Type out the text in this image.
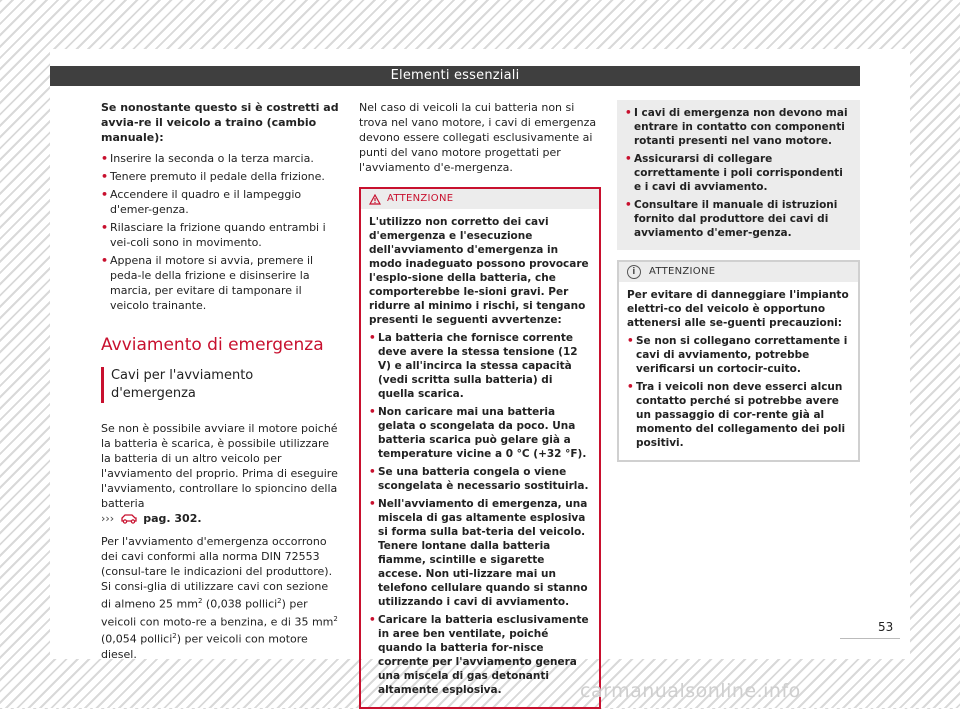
Elementi essenziali

Se nonostante questo si è costretti ad avvia-re il veicolo a traino (cambio manuale):

• Inserire la seconda o la terza marcia.
• Tenere premuto il pedale della frizione.
• Accendere il quadro e il lampeggio d'emer-genza.
• Rilasciare la frizione quando entrambi i vei-coli sono in movimento.
• Appena il motore si avvia, premere il peda-le della frizione e disinserire la marcia, per evitare di tamponare il veicolo trainante.
Avviamento di emergenza
Cavi per l'avviamento d'emergenza

Se non è possibile avviare il motore poiché la batteria è scarica, è possibile utilizzare la batteria di un altro veicolo per l'avviamento del proprio. Prima di eseguire l'avviamento, controllare lo spioncino della batteria
›››	pag. 302.

Per l'avviamento d'emergenza occorrono dei cavi conformi alla norma DIN 72553 (consul-tare le indicazioni del produttore). Si consi-glia di utilizzare cavi con sezione di almeno 25 $mm^2$ (0,038 pollici$^2$) per veicoli con moto-re a benzina, e di 35 $mm^2$ (0,054 pollici$^2$) per veicoli con motore diesel.

Nel caso di veicoli la cui batteria non si trova nel vano motore, i cavi di emergenza devono essere collegati esclusivamente ai punti del vano motore progettati per l'avviamento d'e-mergenza.

ATTENZIONE

L'utilizzo non corretto dei cavi d'emergenza e l'esecuzione dell'avviamento d'emergenza in modo inadeguato possono provocare l'esplo-sione della batteria, che comporterebbe le-sioni gravi. Per ridurre al minimo i rischi, si tengano presenti le seguenti avvertenze:

• La batteria che fornisce corrente deve avere la stessa tensione (12 V) e all'incirca la stessa capacità (vedi scritta sulla batteria) di quella scarica.
• Non caricare mai una batteria gelata o scongelata da poco. Una batteria scarica può gelare già a temperature vicine a 0 °C (+32 °F).
• Se una batteria congela o viene scongelata è necessario sostituirla.
• Nell'avviamento di emergenza, una miscela di gas altamente esplosiva si forma sulla bat-teria del veicolo. Tenere lontane dalla batteria fiamme, scintille e sigarette accese. Non uti-lizzare mai un telefono cellulare quando si stanno utilizzando i cavi di avviamento.
• Caricare la batteria esclusivamente in aree ben ventilate, poiché quando la batteria for-nisce corrente per l'avviamento genera una miscela di gas detonanti altamente esplosiva.
• I cavi di emergenza non devono mai entrare in contatto con componenti rotanti presenti nel vano motore.
• Assicurarsi di collegare correttamente i poli corrispondenti e i cavi di avviamento.
• Consultare il manuale di istruzioni fornito dal produttore dei cavi di avviamento d'emer-genza.
i	ATTENZIONE

Per evitare di danneggiare l'impianto elettri-co del veicolo è opportuno attenersi alle se-guenti precauzioni:

• Se non si collegano correttamente i cavi di avviamento, potrebbe verificarsi un cortocir-cuito.
• Tra i veicoli non deve esserci alcun contatto perché si potrebbe avere un passaggio di cor-rente già al momento del collegamento dei poli positivi.
53
carmanualsonline.info
